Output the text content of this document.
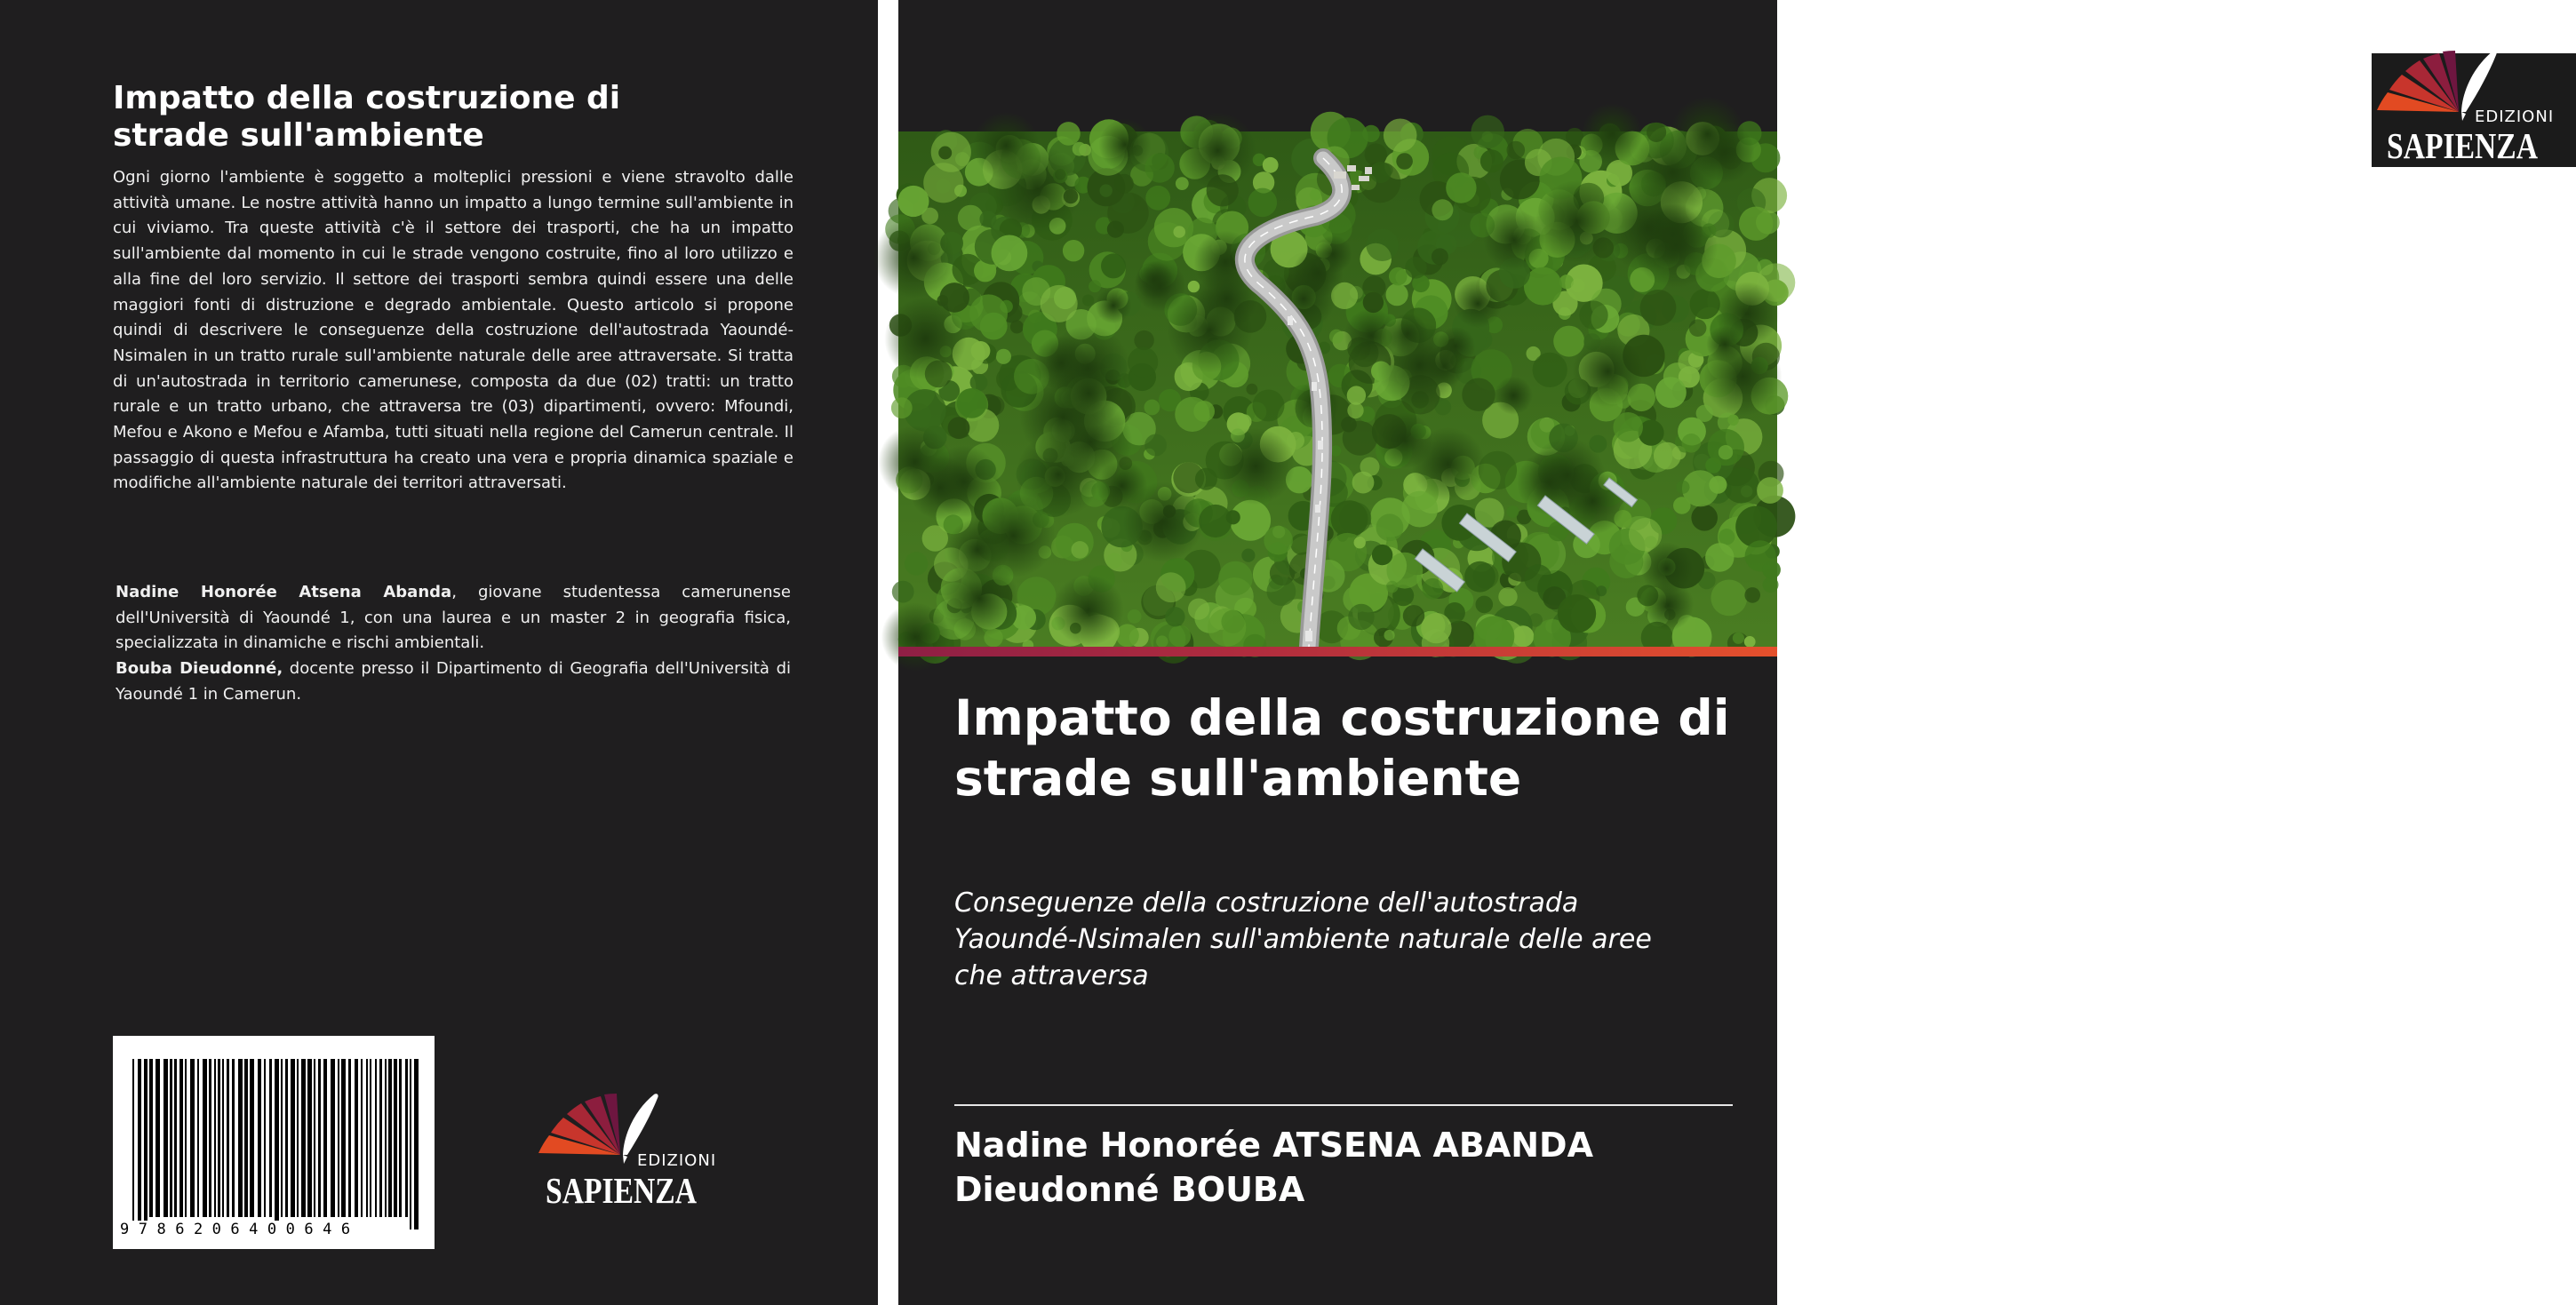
Impatto della costruzione di strade sull'ambiente

Ogni giorno l'ambiente è soggetto a molteplici pressioni e viene stravolto dalle attività umane. Le nostre attività hanno un impatto a lungo termine sull'ambiente in cui viviamo. Tra queste attività c'è il settore dei trasporti, che ha un impatto sull'ambiente dal momento in cui le strade vengono costruite, fino al loro utilizzo e alla fine del loro servizio. Il settore dei trasporti sembra quindi essere una delle maggiori fonti di distruzione e degrado ambientale. Questo articolo si propone quindi di descrivere le conseguenze della costruzione dell'autostrada Yaoundé-Nsimalen in un tratto rurale sull'ambiente naturale delle aree attraversate. Si tratta di un'autostrada in territorio camerunese, composta da due (02) tratti: un tratto rurale e un tratto urbano, che attraversa tre (03) dipartimenti, ovvero: Mfoundi, Mefou e Akono e Mefou e Afamba, tutti situati nella regione del Camerun centrale. Il passaggio di questa infrastruttura ha creato una vera e propria dinamica spaziale e modifiche all'ambiente naturale dei territori attraversati.

Nadine Honorée Atsena Abanda, giovane studentessa camerunense dell'Università di Yaoundé 1, con una laurea e un master 2 in geografia fisica, specializzata in dinamiche e rischi ambientali.

Bouba Dieudonné, docente presso il Dipartimento di Geografia dell'Università di Yaoundé 1 in Camerun.

9786206400646
EDIZIONI
SAPIENZA
EDIZIONI
SAPIENZA
Impatto della costruzione di strade sull'ambiente

Conseguenze della costruzione dell'autostrada Yaoundé-Nsimalen sull'ambiente naturale delle aree che attraversa

Nadine Honorée ATSENA ABANDA
Dieudonné BOUBA
